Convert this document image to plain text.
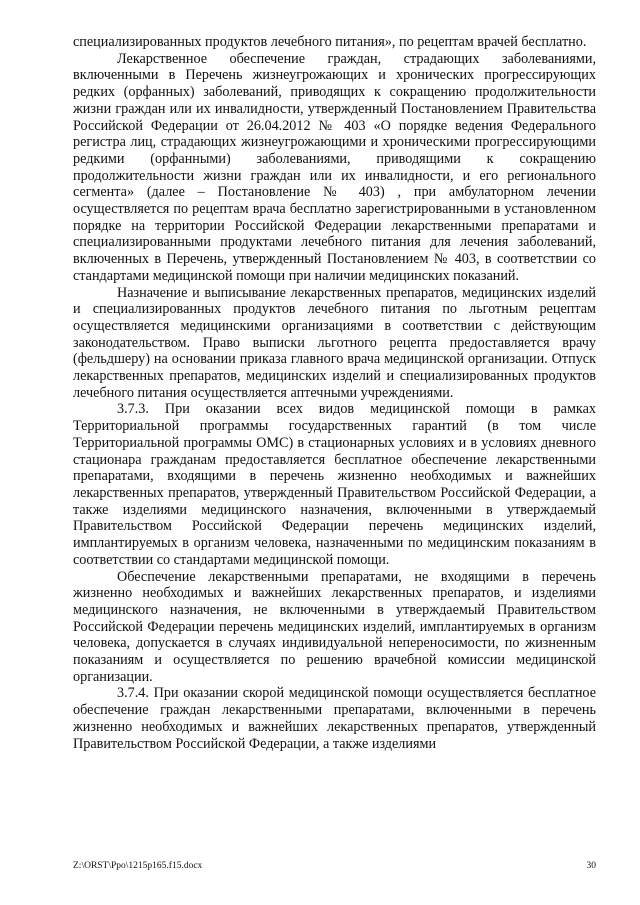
специализированных продуктов лечебного питания», по рецептам врачей бесплатно.

Лекарственное обеспечение граждан, страдающих заболеваниями, включенными в Перечень жизнеугрожающих и хронических прогрессирующих редких (орфанных) заболеваний, приводящих к сокращению продолжительности жизни граждан или их инвалидности, утвержденный Постановлением Правительства Российской Федерации от 26.04.2012 № 403 «О порядке ведения Федерального регистра лиц, страдающих жизнеугрожающими и хроническими прогрессирующими редкими (орфанными) заболеваниями, приводящими к сокращению продолжительности жизни граждан или их инвалидности, и его регионального сегмента» (далее – Постановление № 403) , при амбулаторном лечении осуществляется по рецептам врача бесплатно зарегистрированными в установленном порядке на территории Российской Федерации лекарственными препаратами и специализированными продуктами лечебного питания для лечения заболеваний, включенных в Перечень, утвержденный Постановлением № 403, в соответствии со стандартами медицинской помощи при наличии медицинских показаний.

Назначение и выписывание лекарственных препаратов, медицинских изделий и специализированных продуктов лечебного питания по льготным рецептам осуществляется медицинскими организациями в соответствии с действующим законодательством. Право выписки льготного рецепта предоставляется врачу (фельдшеру) на основании приказа главного врача медицинской организации. Отпуск лекарственных препаратов, медицинских изделий и специализированных продуктов лечебного питания осуществляется аптечными учреждениями.

3.7.3. При оказании всех видов медицинской помощи в рамках Территориальной программы государственных гарантий (в том числе Территориальной программы ОМС) в стационарных условиях и в условиях дневного стационара гражданам предоставляется бесплатное обеспечение лекарственными препаратами, входящими в перечень жизненно необходимых и важнейших лекарственных препаратов, утвержденный Правительством Российской Федерации, а также изделиями медицинского назначения, включенными в утверждаемый Правительством Российской Федерации перечень медицинских изделий, имплантируемых в организм человека, назначенными по медицинским показаниям в соответствии со стандартами медицинской помощи.

Обеспечение лекарственными препаратами, не входящими в перечень жизненно необходимых и важнейших лекарственных препаратов, и изделиями медицинского назначения, не включенными в утверждаемый Правительством Российской Федерации перечень медицинских изделий, имплантируемых в организм человека, допускается в случаях индивидуальной непереносимости, по жизненным показаниям и осуществляется по решению врачебной комиссии медицинской организации.

3.7.4. При оказании скорой медицинской помощи осуществляется бесплатное обеспечение граждан лекарственными препаратами, включенными в перечень жизненно необходимых и важнейших лекарственных препаратов, утвержденный Правительством Российской Федерации, а также изделиями

Z:\ORST\Ppo\1215p165.f15.docx	30
